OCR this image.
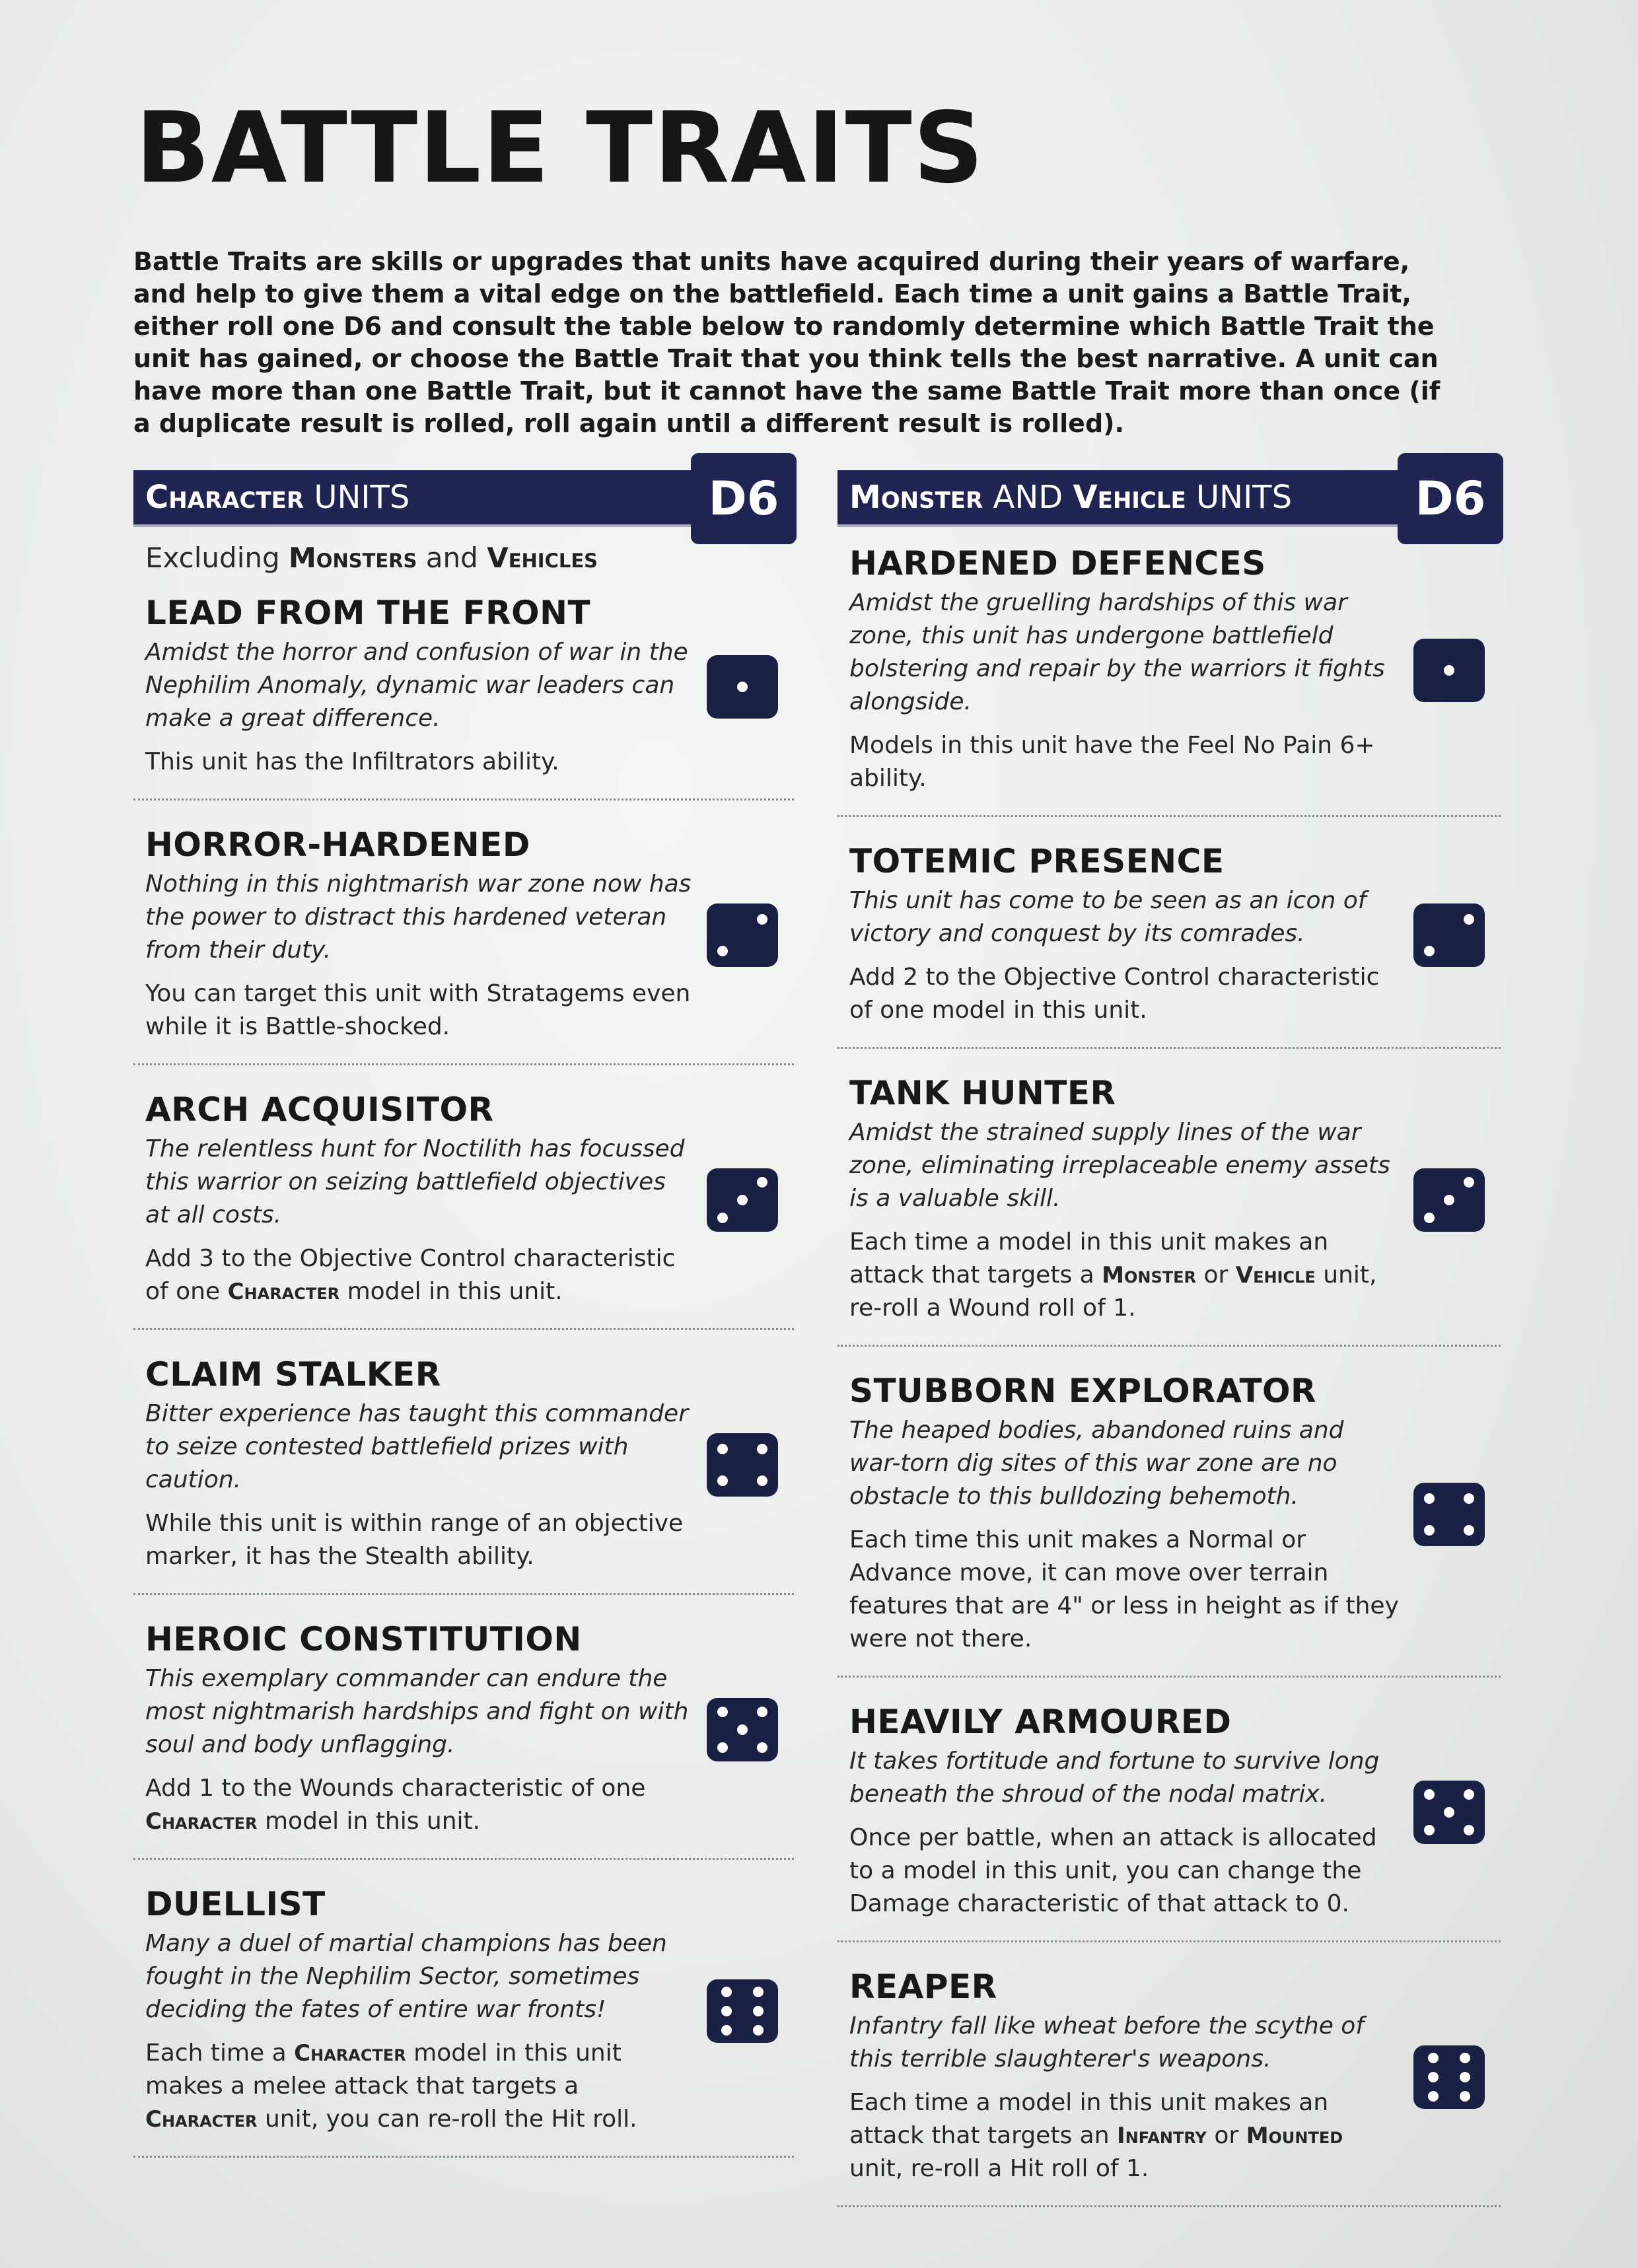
BATTLE TRAITS

Battle Traits are skills or upgrades that units have acquired during their years of warfare, and help to give them a vital edge on the battlefield. Each time a unit gains a Battle Trait, either roll one D6 and consult the table below to randomly determine which Battle Trait the unit has gained, or choose the Battle Trait that you think tells the best narrative. A unit can have more than one Battle Trait, but it cannot have the same Battle Trait more than once (if a duplicate result is rolled, roll again until a different result is rolled).

Character UNITS	D6
Excluding Monsters and Vehicles
LEAD FROM THE FRONT

Amidst the horror and confusion of war in the Nephilim Anomaly, dynamic war leaders can make a great difference.

This unit has the Infiltrators ability.

HORROR-HARDENED

Nothing in this nightmarish war zone now has the power to distract this hardened veteran from their duty.

You can target this unit with Stratagems even while it is Battle-shocked.

ARCH ACQUISITOR

The relentless hunt for Noctilith has focussed this warrior on seizing battlefield objectives at all costs.

Add 3 to the Objective Control characteristic of one Character model in this unit.

CLAIM STALKER

Bitter experience has taught this commander to seize contested battlefield prizes with caution.

While this unit is within range of an objective marker, it has the Stealth ability.

HEROIC CONSTITUTION

This exemplary commander can endure the most nightmarish hardships and fight on with soul and body unflagging.

Add 1 to the Wounds characteristic of one Character model in this unit.

DUELLIST

Many a duel of martial champions has been fought in the Nephilim Sector, sometimes deciding the fates of entire war fronts!

Each time a Character model in this unit makes a melee attack that targets a Character unit, you can re-roll the Hit roll.

Monster AND Vehicle UNITS	D6
HARDENED DEFENCES

Amidst the gruelling hardships of this war zone, this unit has undergone battlefield bolstering and repair by the warriors it fights alongside.

Models in this unit have the Feel No Pain 6+ ability.

TOTEMIC PRESENCE

This unit has come to be seen as an icon of victory and conquest by its comrades.

Add 2 to the Objective Control characteristic of one model in this unit.

TANK HUNTER

Amidst the strained supply lines of the war zone, eliminating irreplaceable enemy assets is a valuable skill.

Each time a model in this unit makes an attack that targets a Monster or Vehicle unit, re-roll a Wound roll of 1.

STUBBORN EXPLORATOR

The heaped bodies, abandoned ruins and war-torn dig sites of this war zone are no obstacle to this bulldozing behemoth.

Each time this unit makes a Normal or Advance move, it can move over terrain features that are 4" or less in height as if they were not there.

HEAVILY ARMOURED

It takes fortitude and fortune to survive long beneath the shroud of the nodal matrix.

Once per battle, when an attack is allocated to a model in this unit, you can change the Damage characteristic of that attack to 0.

REAPER

Infantry fall like wheat before the scythe of this terrible slaughterer's weapons.

Each time a model in this unit makes an attack that targets an Infantry or Mounted unit, re-roll a Hit roll of 1.
